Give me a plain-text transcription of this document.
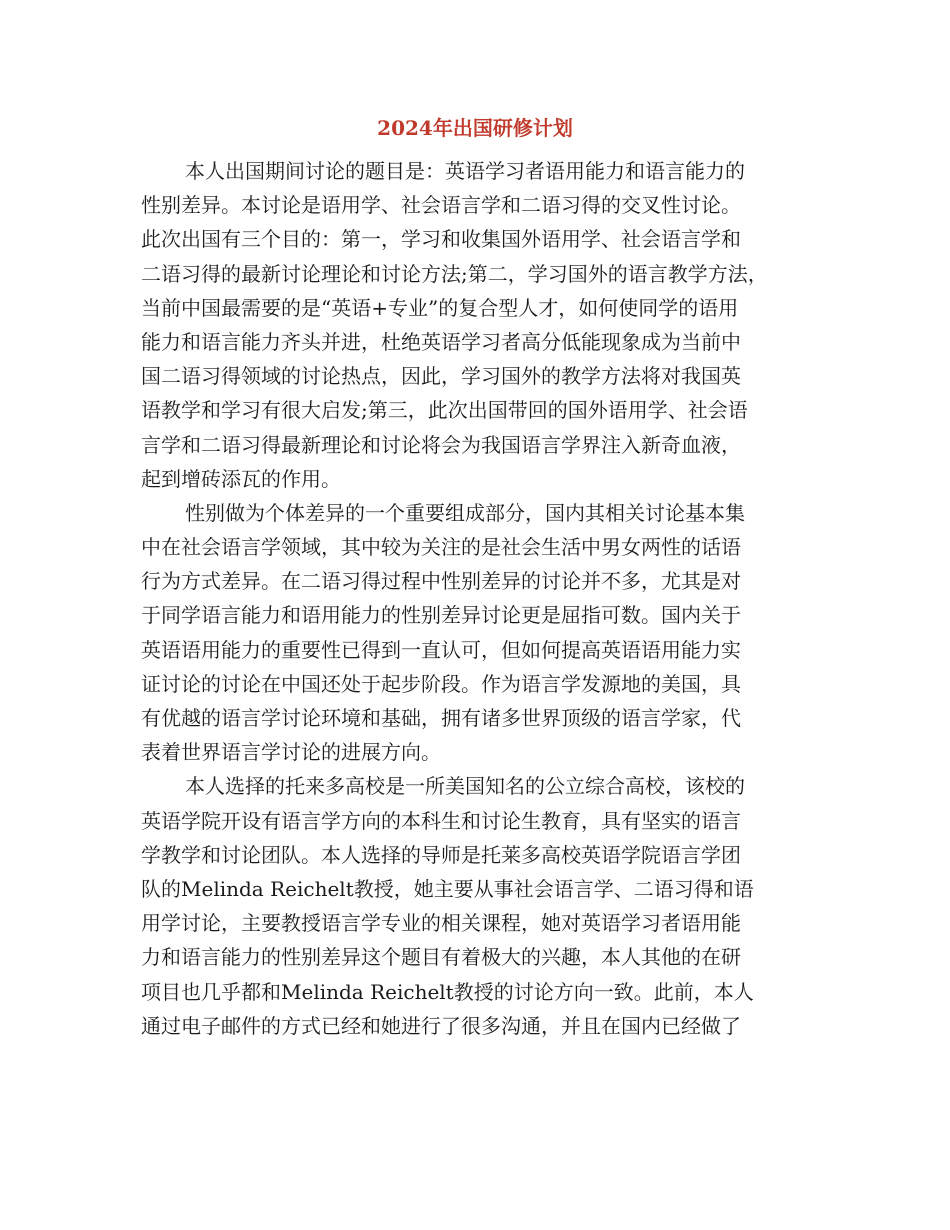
2024年出国研修计划
本人出国期间讨论的题目是：英语学习者语用能力和语言能力的
性别差异。本讨论是语用学、社会语言学和二语习得的交叉性讨论。
此次出国有三个目的：第一，学习和收集国外语用学、社会语言学和
二语习得的最新讨论理论和讨论方法;第二，学习国外的语言教学方法，
当前中国最需要的是“英语+专业”的复合型人才，如何使同学的语用
能力和语言能力齐头并进，杜绝英语学习者高分低能现象成为当前中
国二语习得领域的讨论热点，因此，学习国外的教学方法将对我国英
语教学和学习有很大启发;第三，此次出国带回的国外语用学、社会语
言学和二语习得最新理论和讨论将会为我国语言学界注入新奇血液，
起到增砖添瓦的作用。
性别做为个体差异的一个重要组成部分，国内其相关讨论基本集
中在社会语言学领域，其中较为关注的是社会生活中男女两性的话语
行为方式差异。在二语习得过程中性别差异的讨论并不多，尤其是对
于同学语言能力和语用能力的性别差异讨论更是屈指可数。国内关于
英语语用能力的重要性已得到一直认可，但如何提高英语语用能力实
证讨论的讨论在中国还处于起步阶段。作为语言学发源地的美国，具
有优越的语言学讨论环境和基础，拥有诸多世界顶级的语言学家，代
表着世界语言学讨论的进展方向。
本人选择的托来多高校是一所美国知名的公立综合高校，该校的
英语学院开设有语言学方向的本科生和讨论生教育，具有坚实的语言
学教学和讨论团队。本人选择的导师是托莱多高校英语学院语言学团
队的Melinda Reichelt教授，她主要从事社会语言学、二语习得和语
用学讨论，主要教授语言学专业的相关课程，她对英语学习者语用能
力和语言能力的性别差异这个题目有着极大的兴趣，本人其他的在研
项目也几乎都和Melinda Reichelt教授的讨论方向一致。此前，本人
通过电子邮件的方式已经和她进行了很多沟通，并且在国内已经做了
